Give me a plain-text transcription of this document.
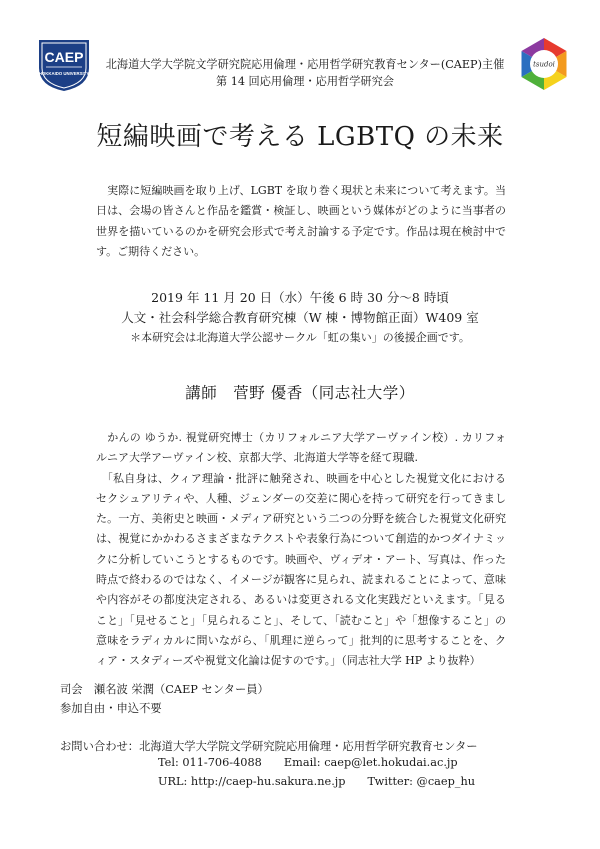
CAEP
HOKKAIDO UNIVERSITY
tsudoi
北海道大学大学院文学研究院応用倫理・応用哲学研究教育センター(CAEP)主催
第 14 回応用倫理・応用哲学研究会
短編映画で考える LGBTQ の未来
　実際に短編映画を取り上げ、LGBT を取り巻く現状と未来について考えます。当日は、会場の皆さんと作品を鑑賞・検証し、映画という媒体がどのように当事者の世界を描いているのかを研究会形式で考え討論する予定です。作品は現在検討中です。ご期待ください。
2019 年 11 月 20 日（水）午後 6 時 30 分～8 時頃
人文・社会科学総合教育研究棟（W 棟・博物館正面）W409 室
＊本研究会は北海道大学公認サークル「虹の集い」の後援企画です。
講師　菅野 優香（同志社大学）
　かんの ゆうか. 視覚研究博士（カリフォルニア大学アーヴァイン校）. カリフォルニア大学アーヴァイン校、京都大学、北海道大学等を経て現職.
　「私自身は、クィア理論・批評に触発され、映画を中心とした視覚文化におけるセクシュアリティや、人種、ジェンダーの交差に関心を持って研究を行ってきました。一方、美術史と映画・メディア研究という二つの分野を統合した視覚文化研究は、視覚にかかわるさまざまなテクストや表象行為について創造的かつダイナミックに分析していこうとするものです。映画や、ヴィデオ・アート、写真は、作った時点で終わるのではなく、イメージが観客に見られ、読まれることによって、意味や内容がその都度決定される、あるいは変更される文化実践だといえます。「見ること」「見せること」「見られること」、そして、「読むこと」や「想像すること」の意味をラディカルに問いながら、「肌理に逆らって」批判的に思考することを、クィア・スタディーズや視覚文化論は促すのです。」（同志社大学 HP より抜粋）
司会　瀬名波 栄潤（CAEP センター員）
参加自由・申込不要
お問い合わせ：北海道大学大学院文学研究院応用倫理・応用哲学研究教育センター
Tel: 011-706-4088 Email: caep@let.hokudai.ac.jp
URL: http://caep-hu.sakura.ne.jp Twitter: @caep_hu
